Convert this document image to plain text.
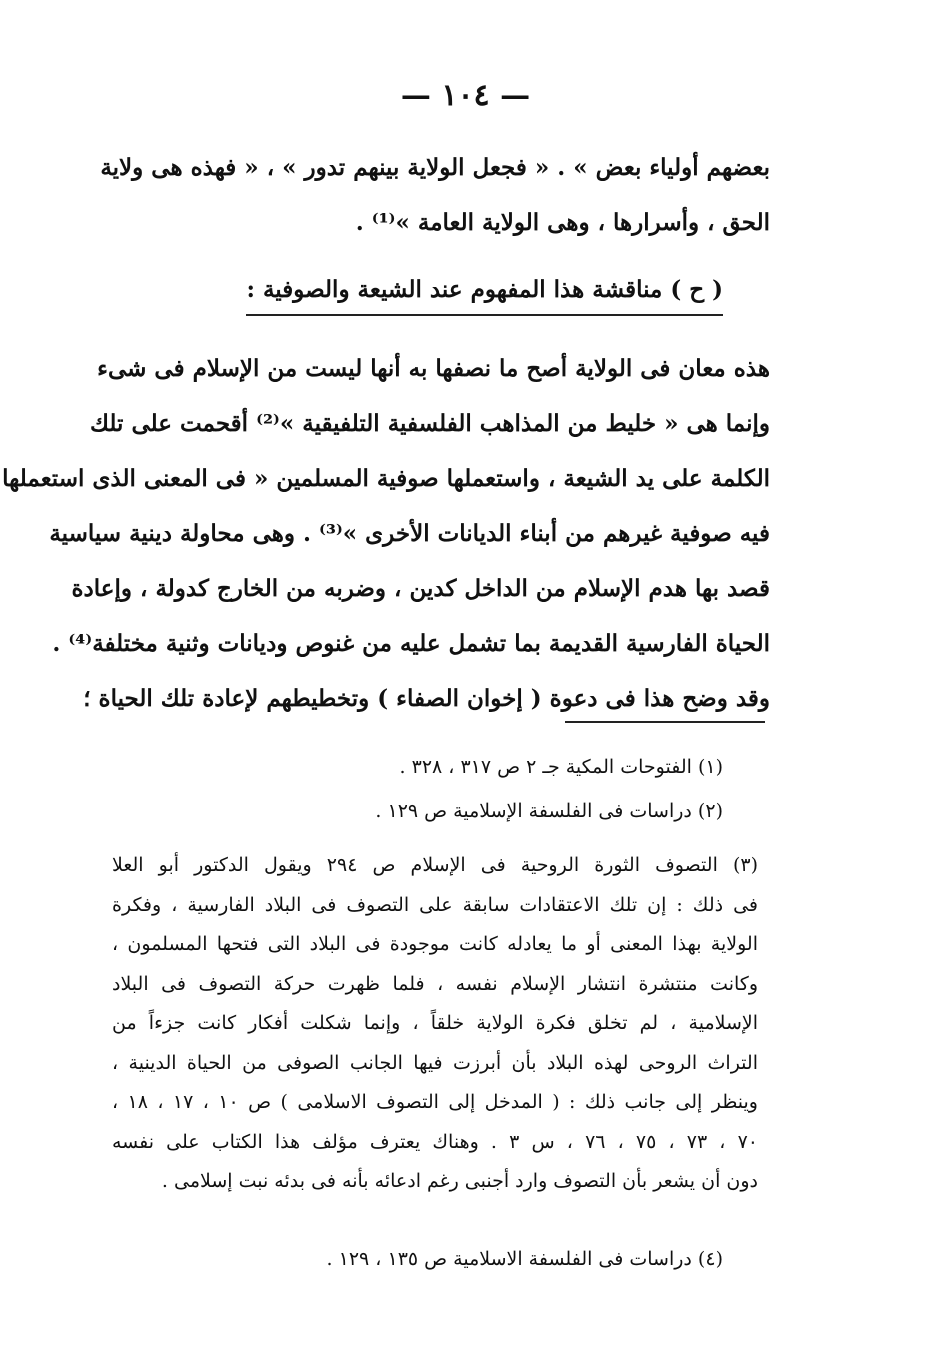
— ١٠٤ —
بعضهم أولياء بعض » . « فجعل الولاية بينهم تدور » ، « فهذه هى ولاية
الحق ، وأسرارها ، وهى الولاية العامة »⁽¹⁾ .
( ح ) مناقشة هذا المفهوم عند الشيعة والصوفية :
هذه معان فى الولاية أصح ما نصفها به أنها ليست من الإسلام فى شىء
وإنما هى « خليط من المذاهب الفلسفية التلفيقية »⁽²⁾ أقحمت على تلك
الكلمة على يد الشيعة ، واستعملها صوفية المسلمين « فى المعنى الذى استعملها
فيه صوفية غيرهم من أبناء الديانات الأخرى »⁽³⁾ . وهى محاولة دينية سياسية
قصد بها هدم الإسلام من الداخل كدين ، وضربه من الخارج كدولة ، وإعادة
الحياة الفارسية القديمة بما تشمل عليه من غنوص وديانات وثنية مختلفة⁽⁴⁾ .
وقد وضح هذا فى دعوة ( إخوان الصفاء ) وتخطيطهم لإعادة تلك الحياة ؛
(١) الفتوحات المكية جـ ٢ ص ٣١٧ ، ٣٢٨ .
(٢) دراسات فى الفلسفة الإسلامية ص ١٢٩ .
(٣) التصوف الثورة الروحية فى الإسلام ص ٢٩٤ ويقول الدكتور أبو العلا
فى ذلك : إن تلك الاعتقادات سابقة على التصوف فى البلاد الفارسية ، وفكرة
الولاية بهذا المعنى أو ما يعادله كانت موجودة فى البلاد التى فتحها المسلمون ،
وكانت منتشرة انتشار الإسلام نفسه ، فلما ظهرت حركة التصوف فى البلاد
الإسلامية ، لم تخلق فكرة الولاية خلقاً ، وإنما شكلت أفكار كانت جزءاً من
التراث الروحى لهذه البلاد بأن أبرزت فيها الجانب الصوفى من الحياة الدينية ،
وينظر إلى جانب ذلك : ( المدخل إلى التصوف الاسلامى ) ص ١٠ ، ١٧ ، ١٨ ،
٧٠ ، ٧٣ ، ٧٥ ، ٧٦ ، س ٣ . وهناك يعترف مؤلف هذا الكتاب على نفسه
دون أن يشعر بأن التصوف وارد أجنبى رغم ادعائه بأنه فى بدئه نبت إسلامى .
(٤) دراسات فى الفلسفة الاسلامية ص ١٣٥ ، ١٢٩ .
